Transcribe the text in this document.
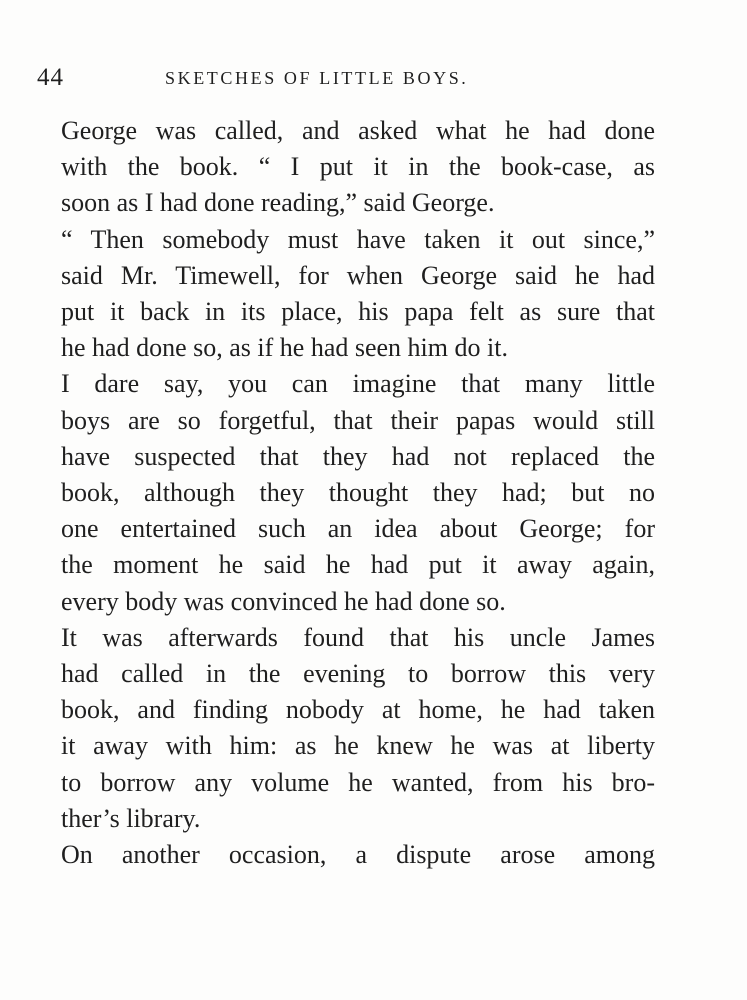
44	SKETCHES OF LITTLE BOYS.

George was called, and asked what he had done
with the book. “ I put it in the book-case, as
soon as I had done reading,” said George.

“ Then somebody must have taken it out since,”
said Mr. Timewell, for when George said he had
put it back in its place, his papa felt as sure that
he had done so, as if he had seen him do it.

I dare say, you can imagine that many little
boys are so forgetful, that their papas would still
have suspected that they had not replaced the
book, although they thought they had; but no
one entertained such an idea about George; for
the moment he said he had put it away again,
every body was convinced he had done so.

It was afterwards found that his uncle James
had called in the evening to borrow this very
book, and finding nobody at home, he had taken
it away with him: as he knew he was at liberty
to borrow any volume he wanted, from his bro-
ther’s library.

On another occasion, a dispute arose among
